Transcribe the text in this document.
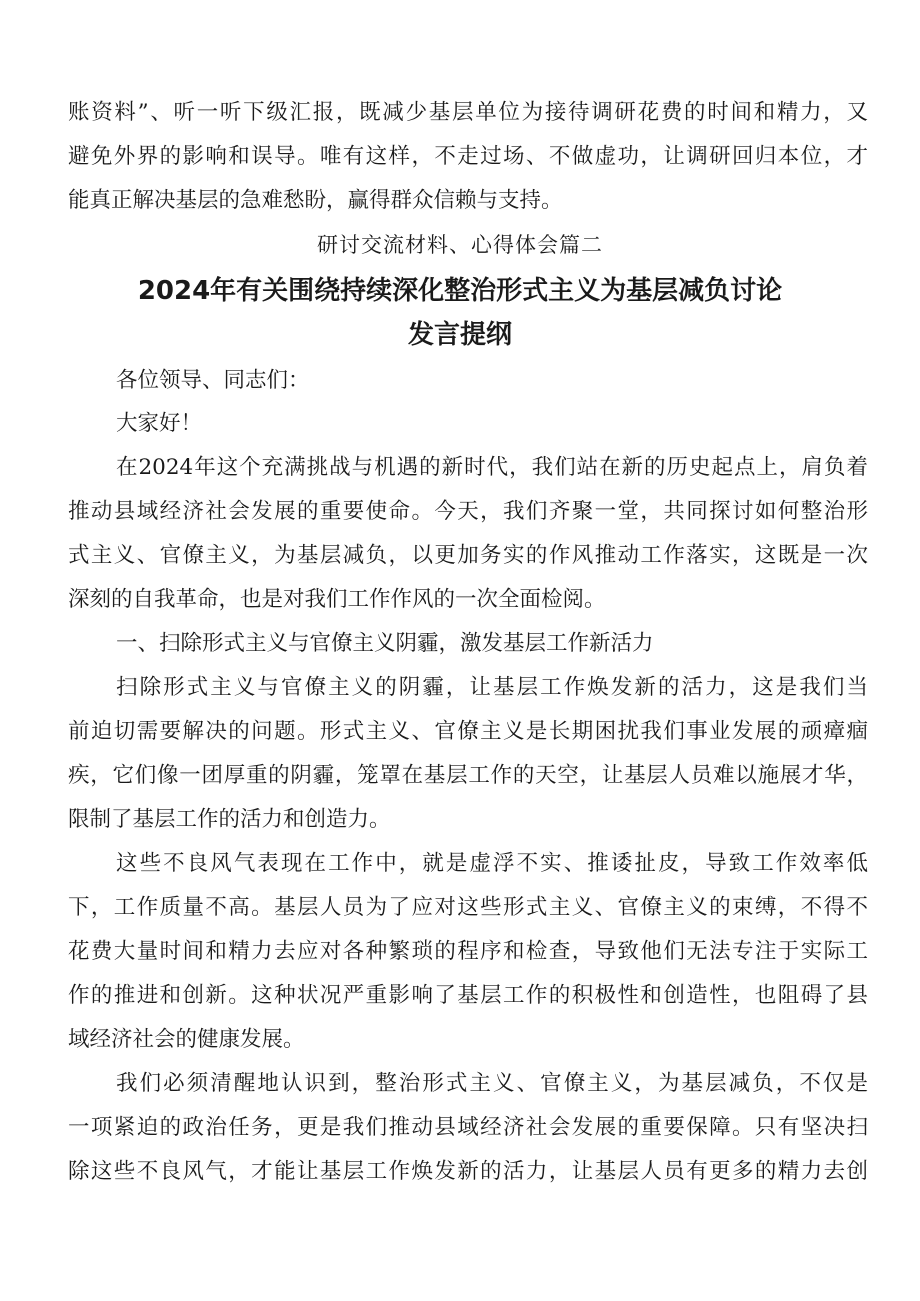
账资料”、听一听下级汇报，既减少基层单位为接待调研花费的时间和精力，又
避免外界的影响和误导。唯有这样，不走过场、不做虚功，让调研回归本位，才
能真正解决基层的急难愁盼，赢得群众信赖与支持。
研讨交流材料、心得体会篇二
2024年有关围绕持续深化整治形式主义为基层减负讨论
发言提纲
各位领导、同志们：
大家好！
在2024年这个充满挑战与机遇的新时代，我们站在新的历史起点上，肩负着
推动县域经济社会发展的重要使命。今天，我们齐聚一堂，共同探讨如何整治形
式主义、官僚主义，为基层减负，以更加务实的作风推动工作落实，这既是一次
深刻的自我革命，也是对我们工作作风的一次全面检阅。
一、扫除形式主义与官僚主义阴霾，激发基层工作新活力
扫除形式主义与官僚主义的阴霾，让基层工作焕发新的活力，这是我们当
前迫切需要解决的问题。形式主义、官僚主义是长期困扰我们事业发展的顽瘴痼
疾，它们像一团厚重的阴霾，笼罩在基层工作的天空，让基层人员难以施展才华，
限制了基层工作的活力和创造力。
这些不良风气表现在工作中，就是虚浮不实、推诿扯皮，导致工作效率低
下，工作质量不高。基层人员为了应对这些形式主义、官僚主义的束缚，不得不
花费大量时间和精力去应对各种繁琐的程序和检查，导致他们无法专注于实际工
作的推进和创新。这种状况严重影响了基层工作的积极性和创造性，也阻碍了县
域经济社会的健康发展。
我们必须清醒地认识到，整治形式主义、官僚主义，为基层减负，不仅是
一项紧迫的政治任务，更是我们推动县域经济社会发展的重要保障。只有坚决扫
除这些不良风气，才能让基层工作焕发新的活力，让基层人员有更多的精力去创
